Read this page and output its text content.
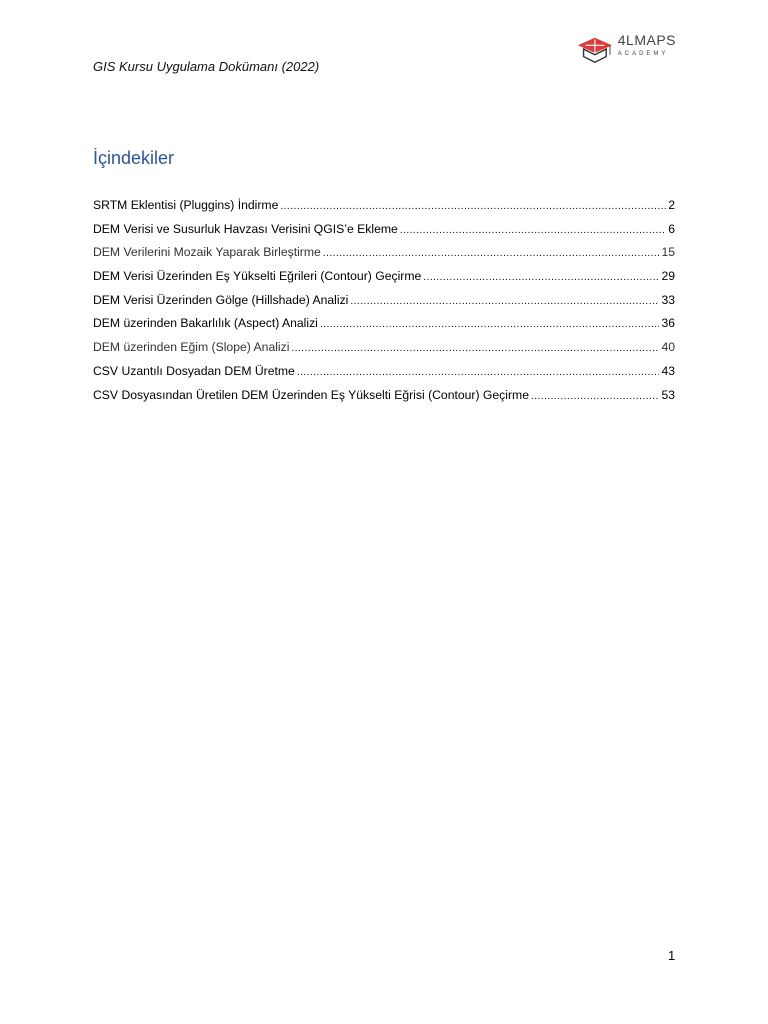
GIS Kursu Uygulama Dokümanı (2022)
4LMAPS
ACADEMY
İçindekiler
SRTM Eklentisi (Pluggins) İndirme .....	2
DEM Verisi ve Susurluk Havzası Verisini QGIS’e Ekleme .....	6
DEM Verilerini Mozaik Yaparak Birleştirme .....	15
DEM Verisi Üzerinden Eş Yükselti Eğrileri (Contour) Geçirme .....	29
DEM Verisi Üzerinden Gölge (Hillshade) Analizi .....	33
DEM üzerinden Bakarlılık (Aspect) Analizi .....	36
DEM üzerinden Eğim (Slope) Analizi .....	40
CSV Uzantılı Dosyadan DEM Üretme .....	43
CSV Dosyasından Üretilen DEM Üzerinden Eş Yükselti Eğrisi (Contour) Geçirme .....	53
1
